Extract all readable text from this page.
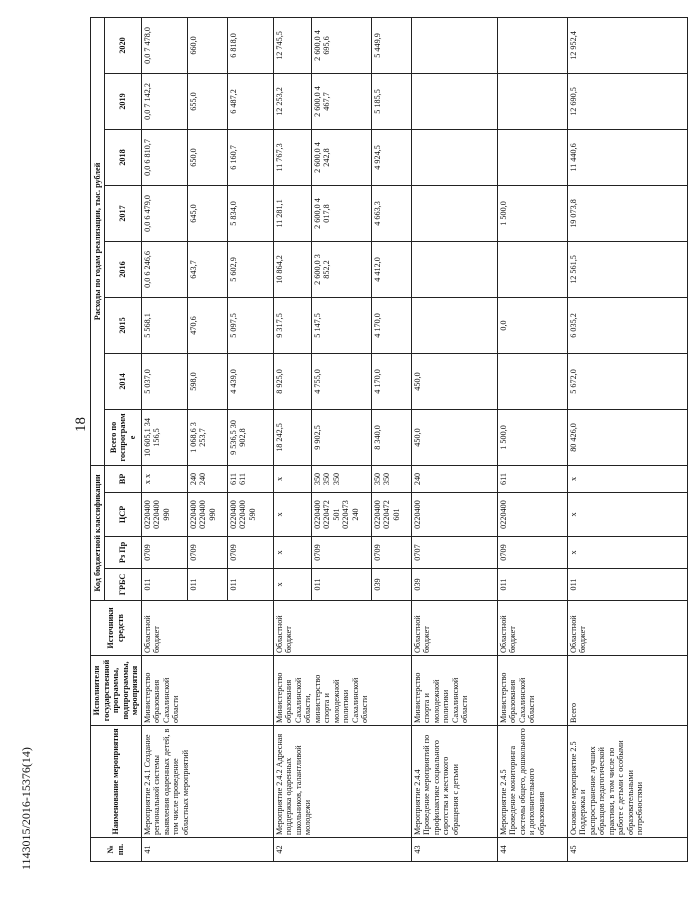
18
1143015/2016-15376(14)	№ пп.	Наименование мероприятия	Исполнители государственной программы, подпрограммы, мероприятия	Источники средств	Код бюджетной классификации				Расходы по годам реализации, тыс. рублей							
				ГРБС	Рз Пр	ЦСР	ВР	Всего по госпрограмме	2014	2015	2016	2017	2018	2019	2020
41	Мероприятие 2.4.1 Создание региональной системы выявления одаренных детей, в том числе проведение областных мероприятий	Министерство образования Сахалинской области	Областной бюджет	011	0709	0220400 0220400 990	х х	10 605,1 34 156,5	5 037,0	5 568,1	0,0 6 246,6	0,0 6 479,0	0,0 6 810,7	0,0 7 142,2	0,0 7 478,0
				011	0709	0220400 0220400 990	240 240	1 068,6 3 253,7	598,0	470,6	643,7	645,0	650,0	655,0	660,0
				011	0709	0220400 0220400 590	611 611	9 536,5 30 902,8	4 439,0	5 097,5	5 602,9	5 834,0	6 160,7	6 487,2	6 818,0
42	Мероприятие 2.4.2 Адресная поддержка одаренных школьников, талантливой молодежи	Министерство образования Сахалинской области, министерство спорта и молодежной политики Сахалинской области	Областной бюджет	х	х	х	х	18 242,5	8 925,0	9 317,5	10 864,2	11 281,1	11 767,3	12 253,2	12 745,5
				011	0709	0220400 0220472 501 0220473 240	350 350 350	9 902,5	4 755,0	5 147,5	2 600,0 3 852,2	2 600,0 4 017,8	2 600,0 4 242,8	2 600,0 4 467,7	2 600,0 4 695,6
				039	0709	0220400 0220472 601	350 350	8 340,0	4 170,0	4 170,0	4 412,0	4 663,3	4 924,5	5 185,5	5 449,9
43	Мероприятие 2.4.4 Проведение мероприятий по профилактике социального сиротства и жестокого обращения с детьми	Министерство спорта и молодежной политики Сахалинской области	Областной бюджет	039	0707	0220400	240	450,0	450,0						
44	Мероприятие 2.4.5 Проведение мониторинга системы общего, дошкольного и дополнительного образования	Министерство образования Сахалинской области	Областной бюджет	011	0709	0220400	611	1 500,0		0,0		1 500,0			
45	Основное мероприятие 2.5 Поддержка и распространение лучших образцов педагогической практики, в том числе по работе с детьми с особыми образовательными потребностями	Всего	Областной бюджет	011	х	х	х	80 426,0	5 672,0	6 035,2	12 561,5	19 073,8	11 440,6	12 690,5	12 952,4
